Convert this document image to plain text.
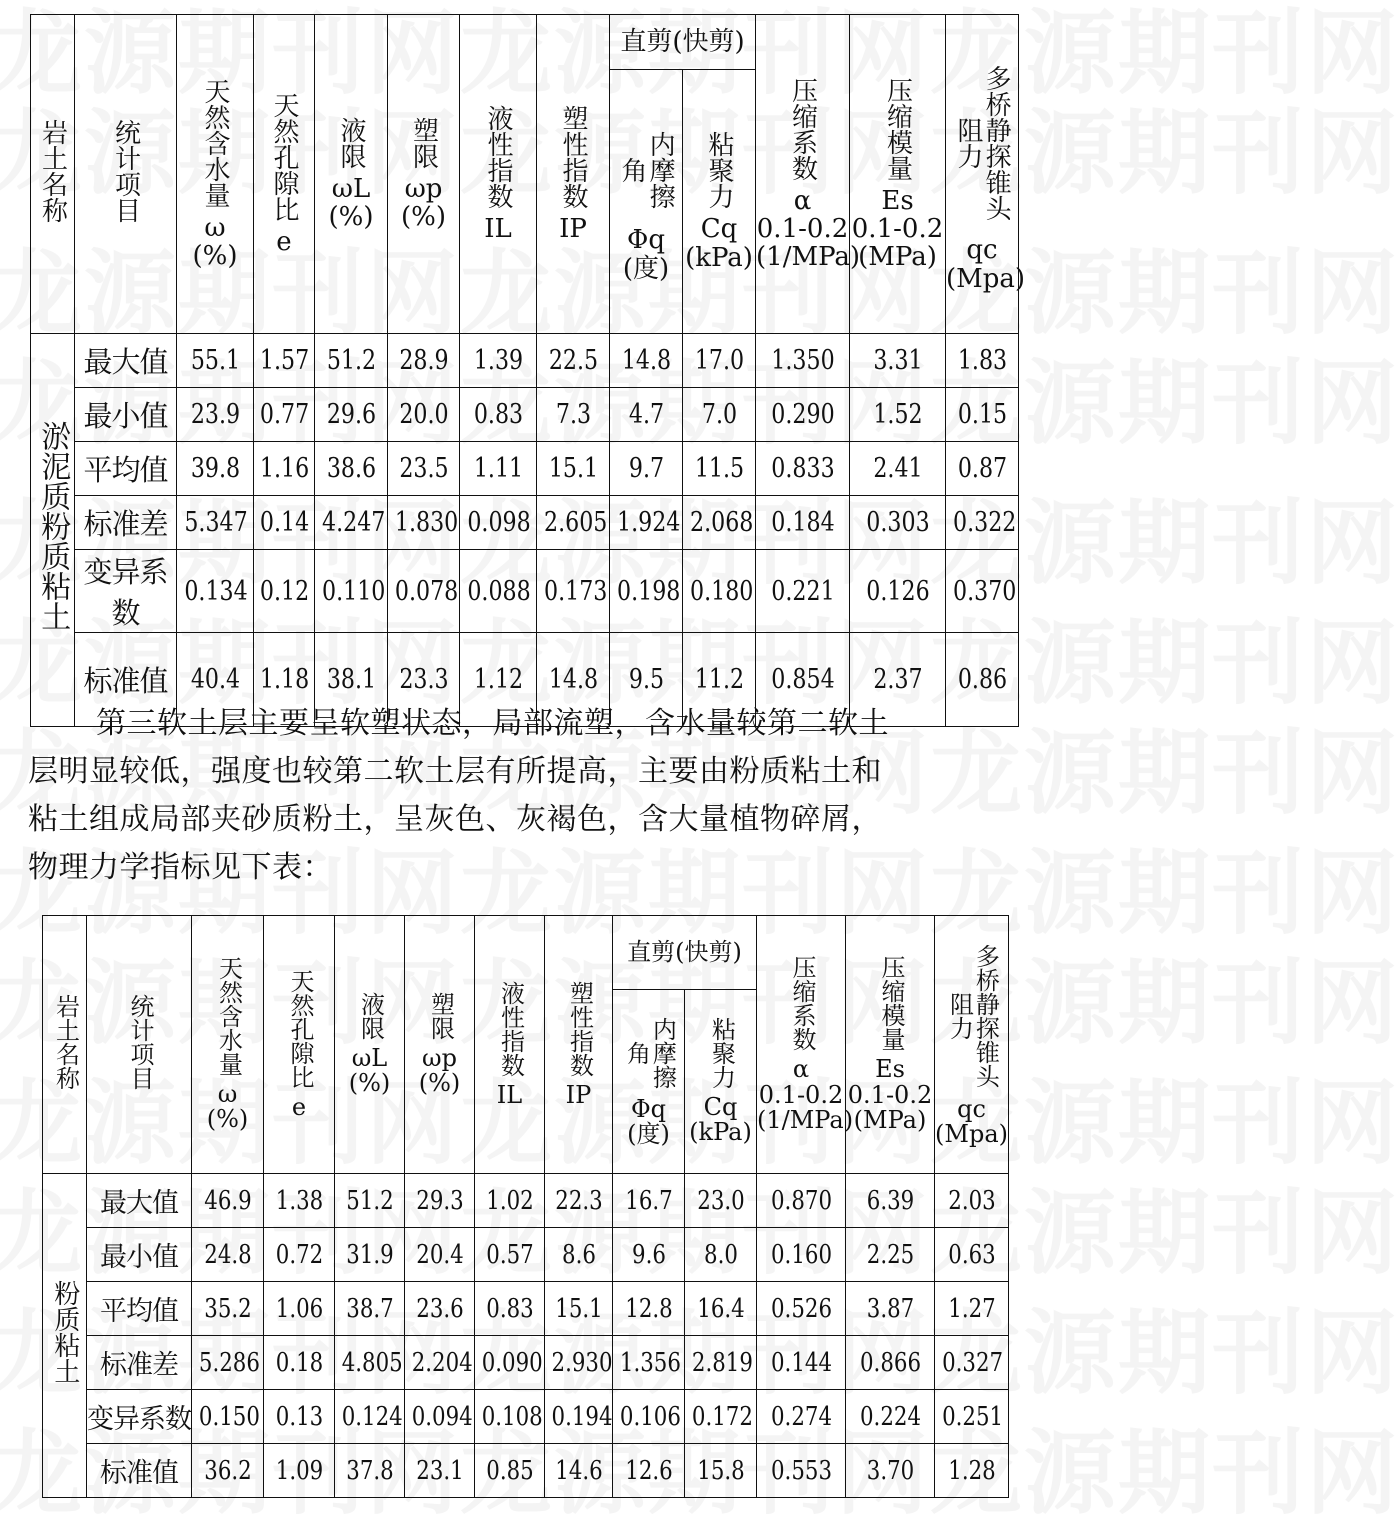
岩土名称	统计项目	天然含水量
ω
(%)	天然孔隙比
e	液限
ωL
(%)	塑限
ωp
(%)	液性指数
IL	塑性指数
IP	直剪(快剪)		压缩系数
α
0.1-0.2
(1/MPa)	压缩模量
Es
0.1-0.2
(MPa)	多桥静探锥头阻力
qc
(Mpa)

								内摩擦角
Φq
(度)	粘聚力
Cq
(kPa)			

淤泥质粉质粘土	最大值	55.1	1.57	51.2	28.9	1.39	22.5	14.8	17.0	1.350	3.31	1.83
	最小值	23.9	0.77	29.6	20.0	0.83	7.3	4.7	7.0	0.290	1.52	0.15
	平均值	39.8	1.16	38.6	23.5	1.11	15.1	9.7	11.5	0.833	2.41	0.87
	标准差	5.347	0.14	4.247	1.830	0.098	2.605	1.924	2.068	0.184	0.303	0.322
	变异系数	0.134	0.12	0.110	0.078	0.088	0.173	0.198	0.180	0.221	0.126	0.370
	标准值	40.4	1.18	38.1	23.3	1.12	14.8	9.5	11.2	0.854	2.37	0.86

第三软土层主要呈软塑状态，局部流塑，含水量较第二软土
层明显较低，强度也较第二软土层有所提高，主要由粉质粘土和
粘土组成局部夹砂质粉土，呈灰色、灰褐色，含大量植物碎屑，
物理力学指标见下表：

岩土名称	统计项目	天然含水量
ω
(%)	天然孔隙比
e	液限
ωL
(%)	塑限
ωp
(%)	液性指数
IL	塑性指数
IP	直剪(快剪)		压缩系数
α
0.1-0.2
(1/MPa)	压缩模量
Es
0.1-0.2
(MPa)	多桥静探锥头阻力
qc
(Mpa)

								内摩擦角
Φq
(度)	粘聚力
Cq
(kPa)			

粉质粘土	最大值	46.9	1.38	51.2	29.3	1.02	22.3	16.7	23.0	0.870	6.39	2.03
	最小值	24.8	0.72	31.9	20.4	0.57	8.6	9.6	8.0	0.160	2.25	0.63
	平均值	35.2	1.06	38.7	23.6	0.83	15.1	12.8	16.4	0.526	3.87	1.27
	标准差	5.286	0.18	4.805	2.204	0.090	2.930	1.356	2.819	0.144	0.866	0.327
	变异系数	0.150	0.13	0.124	0.094	0.108	0.194	0.106	0.172	0.274	0.224	0.251
	标准值	36.2	1.09	37.8	23.1	0.85	14.6	12.6	15.8	0.553	3.70	1.28
